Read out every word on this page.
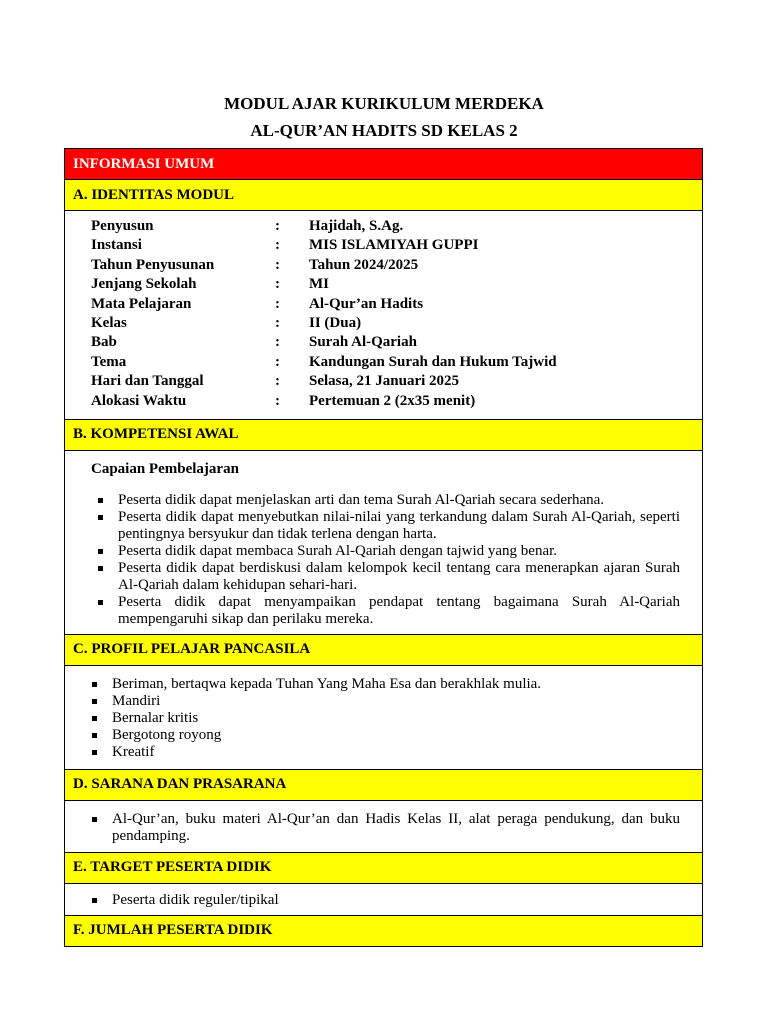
MODUL AJAR KURIKULUM MERDEKA
AL-QUR’AN HADITS SD KELAS 2
INFORMASI UMUM
A. IDENTITAS MODUL

Penyusun	:	Hajidah, S.Ag.
Instansi	:	MIS ISLAMIYAH GUPPI
Tahun Penyusunan	:	Tahun 2024/2025
Jenjang Sekolah	:	MI
Mata Pelajaran	:	Al-Qur’an Hadits
Kelas	:	II (Dua)
Bab	:	Surah Al-Qariah
Tema	:	Kandungan Surah dan Hukum Tajwid
Hari dan Tanggal	:	Selasa, 21 Januari 2025
Alokasi Waktu	:	Pertemuan 2 (2x35 menit)

B. KOMPETENSI AWAL

Capaian Pembelajaran
Peserta didik dapat menjelaskan arti dan tema Surah Al-Qariah secara sederhana.
Peserta didik dapat menyebutkan nilai-nilai yang terkandung dalam Surah Al-Qariah, seperti pentingnya bersyukur dan tidak terlena dengan harta.
Peserta didik dapat membaca Surah Al-Qariah dengan tajwid yang benar.
Peserta didik dapat berdiskusi dalam kelompok kecil tentang cara menerapkan ajaran Surah Al-Qariah dalam kehidupan sehari-hari.
Peserta didik dapat menyampaikan pendapat tentang bagaimana Surah Al-Qariah mempengaruhi sikap dan perilaku mereka.

C. PROFIL PELAJAR PANCASILA

Beriman, bertaqwa kepada Tuhan Yang Maha Esa dan berakhlak mulia.
Mandiri
Bernalar kritis
Bergotong royong
Kreatif

D. SARANA DAN PRASARANA

Al-Qur’an, buku materi Al-Qur’an dan Hadis Kelas II, alat peraga pendukung, dan buku pendamping.

E. TARGET PESERTA DIDIK

Peserta didik reguler/tipikal

F. JUMLAH PESERTA DIDIK
